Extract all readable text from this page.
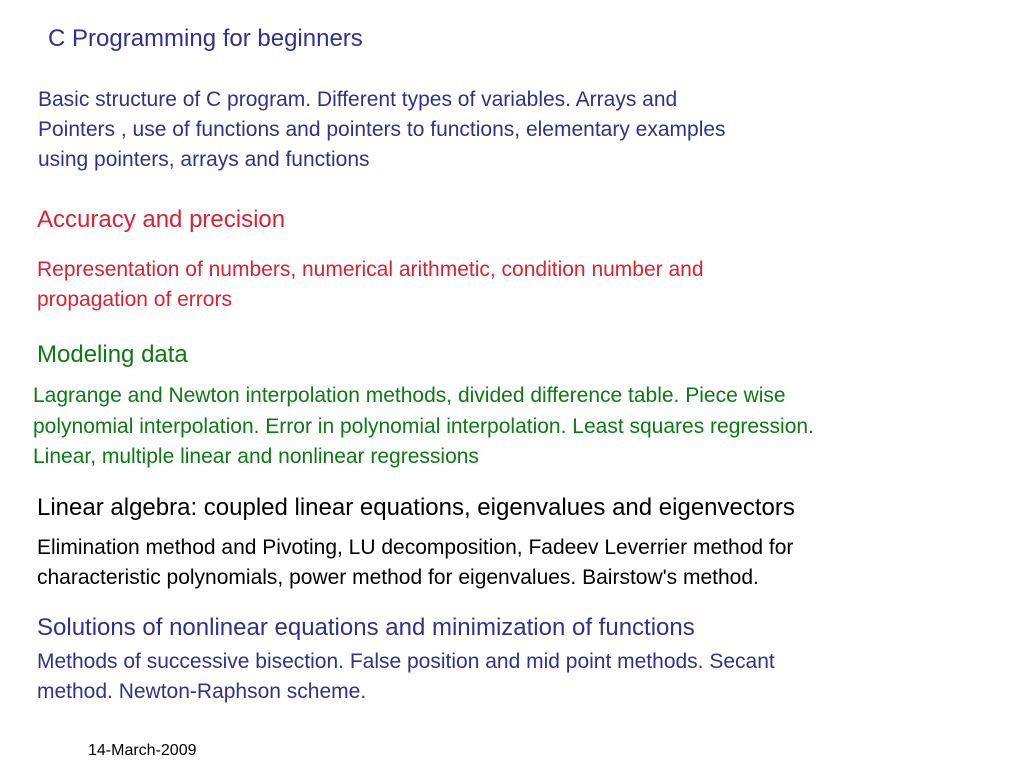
C Programming for beginners
Basic structure of C program. Different types of variables. Arrays and
Pointers , use of functions and pointers to functions, elementary examples
using pointers, arrays and functions
Accuracy and precision
Representation of numbers, numerical arithmetic, condition number and
propagation of errors
Modeling data
Lagrange and Newton interpolation methods, divided difference table. Piece wise
polynomial interpolation. Error in polynomial interpolation. Least squares regression.
Linear, multiple linear and nonlinear regressions
Linear algebra: coupled linear equations, eigenvalues and eigenvectors
Elimination method and Pivoting, LU decomposition, Fadeev Leverrier method for
characteristic polynomials, power method for eigenvalues. Bairstow's method.
Solutions of nonlinear equations and minimization of functions
Methods of successive bisection. False position and mid point methods. Secant
method. Newton-Raphson scheme.
14-March-2009
